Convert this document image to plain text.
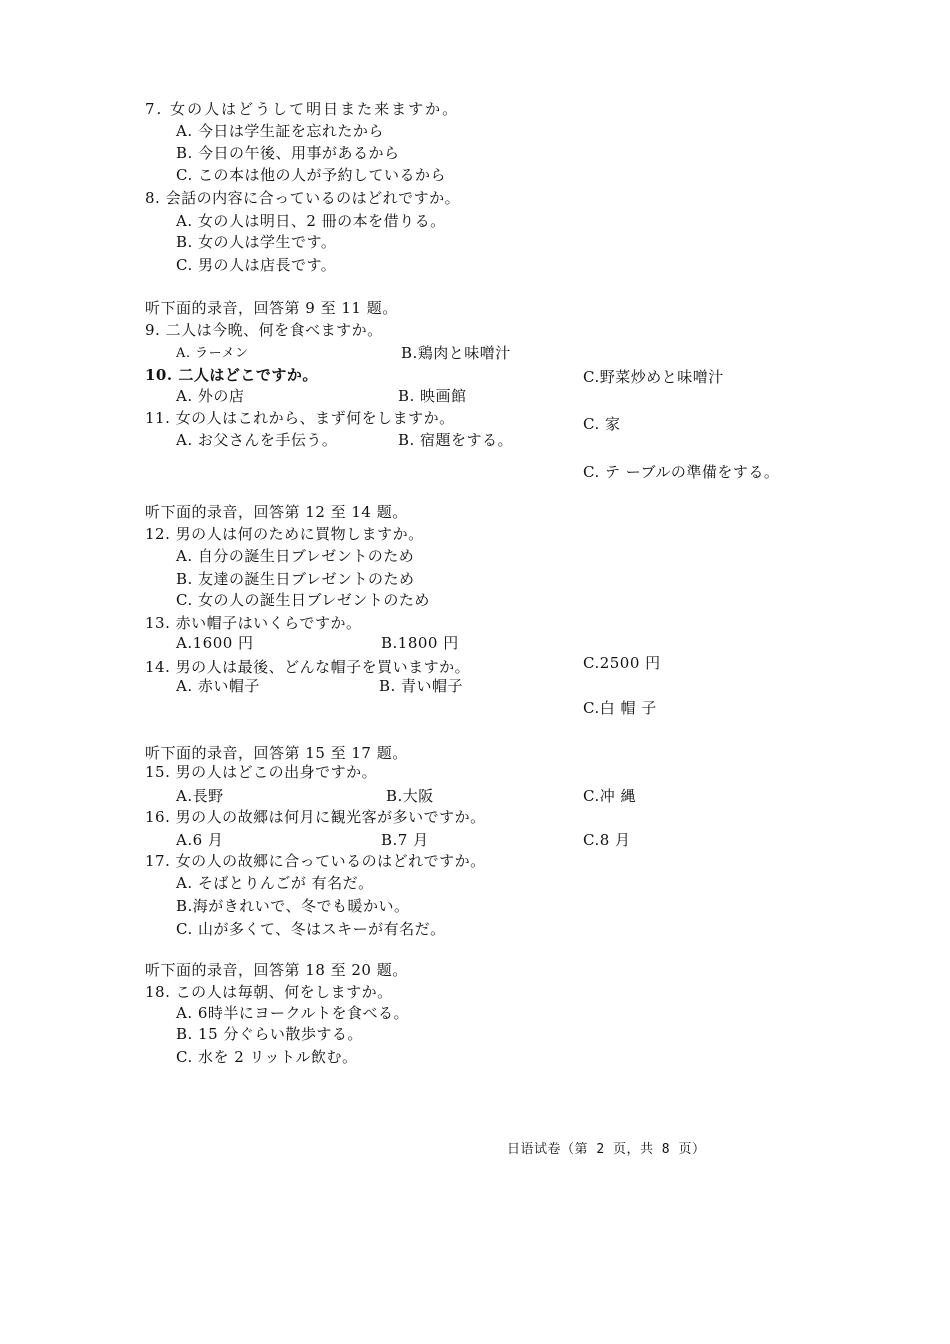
7. 女の人はどうして明日また来ますか。
A. 今日は学生証を忘れたから
B. 今日の午後、用事があるから
C. この本は他の人が予約しているから
8. 会話の内容に合っているのはどれですか。
A. 女の人は明日、2 冊の本を借りる。
B. 女の人は学生です。
C. 男の人は店長です。
听下面的录音，回答第 9 至 11 题。
9. 二人は今晩、何を食べますか。
A. ラーメン	B.鶏肉と味噌汁
C.野菜炒めと味噌汁
10. 二人はどこですか。
A. 外の店	B. 映画館
C. 家
11. 女の人はこれから、まず何をしますか。
A. お父さんを手伝う。	B. 宿題をする。
C. テ ーブルの準備をする。
听下面的录音，回答第 12 至 14 题。
12. 男の人は何のために買物しますか。
A. 自分の誕生日ブレゼントのため
B. 友達の誕生日ブレゼントのため
C. 女の人の誕生日ブレゼントのため
13. 赤い帽子はいくらですか。
A.1600 円	B.1800 円
C.2500 円
14. 男の人は最後、どんな帽子を買いますか。
A. 赤い帽子	B. 青い帽子
C.白 帽 子
听下面的录音，回答第 15 至 17 题。
15. 男の人はどこの出身ですか。
A.長野	B.大阪	C.冲 縄
16. 男の人の故郷は何月に観光客が多いですか。
A.6 月	B.7 月	C.8 月
17. 女の人の故郷に合っているのはどれですか。
A. そばとりんごが 有名だ。
B.海がきれいで、冬でも暖かい。
C. 山が多くて、冬はスキーが有名だ。
听下面的录音，回答第 18 至 20 题。
18. この人は毎朝、何をしますか。
A. 6時半にヨークルトを食べる。
B. 15 分ぐらい散歩する。
C. 水を 2 リットル飲む。
日语试卷（第 2 页，共 8 页）
